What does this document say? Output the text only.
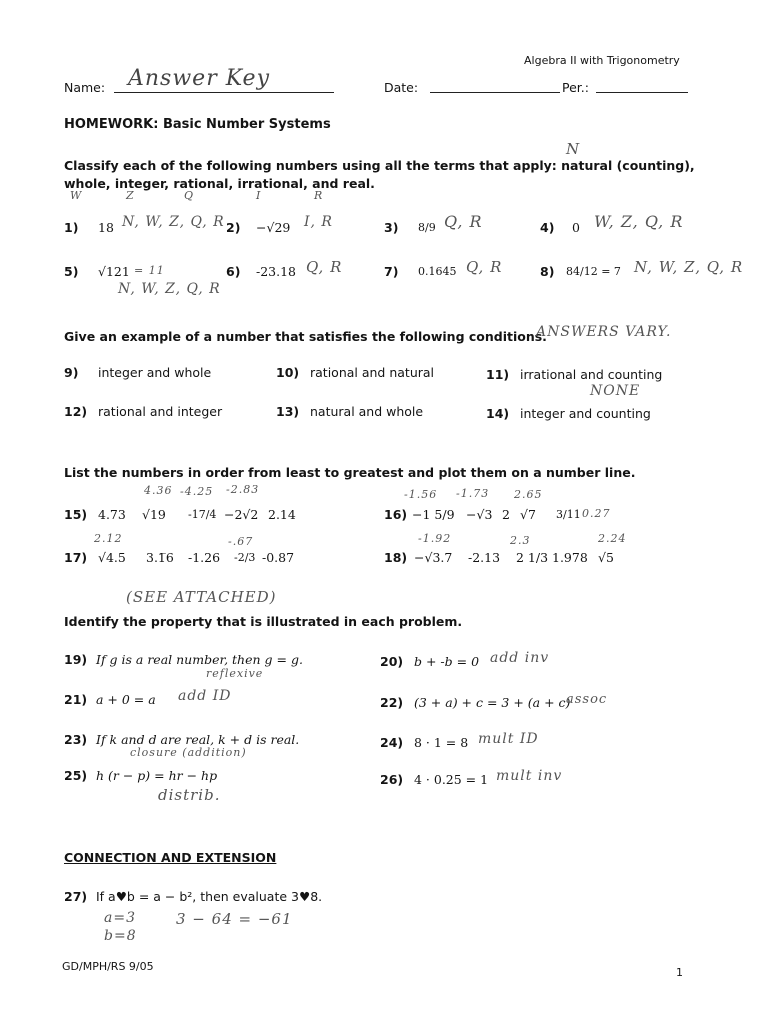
Algebra II with Trigonometry
Name: Answer Key	Date:	Per.:
HOMEWORK: Basic Number Systems
N
Classify each of the following numbers using all the terms that apply: natural (counting),
whole, integer, rational, irrational, and real.
W	Z	Q	I	R
1) 18 N, W, Z, Q, R 2) −√29 I, R	3) 8/9 Q, R	4) 0 W, Z, Q, R
5) √121 = 11
N, W, Z, Q, R
6) -23.18 Q, R	7) 0.1645 Q, R	8) 84/12 = 7 N, W, Z, Q, R
Give an example of a number that satisfies the following conditions.
ANSWERS VARY.
9) integer and whole	10) rational and natural	11) irrational and counting
NONE
12) rational and integer	13) natural and whole	14) integer and counting
List the numbers in order from least to greatest and plot them on a number line.
4.36 -4.25 -2.83
15) 4.73 √19 -17/4 −2√2 2.14
-1.56 -1.73 2.65
0.27
16) −1 5/9 −√3 2 √7 3/11
2.12	-.67
17) √4.5 3.1̅6 -1.26 -2/3 -0.87
-1.92	2.3	2.24
18) −√3.7 -2.13 2 1/3 1.978 √5
(SEE ATTACHED)
Identify the property that is illustrated in each problem.
19) If g is a real number, then g = g.
reflexive
20) b + -b = 0 add inv
21) a + 0 = a add ID	22) (3 + a) + c = 3 + (a + c)
assoc
23) If k and d are real, k + d is real.
closure (addition)
24) 8 · 1 = 8 mult ID
25) h (r − p) = hr − hp
distrib.
26) 4 · 0.25 = 1 mult inv
CONNECTION AND EXTENSION
27) If a♥b = a − b², then evaluate 3♥8.
a=3
b=8
3 − 64 = −61
GD/MPH/RS 9/05	1
